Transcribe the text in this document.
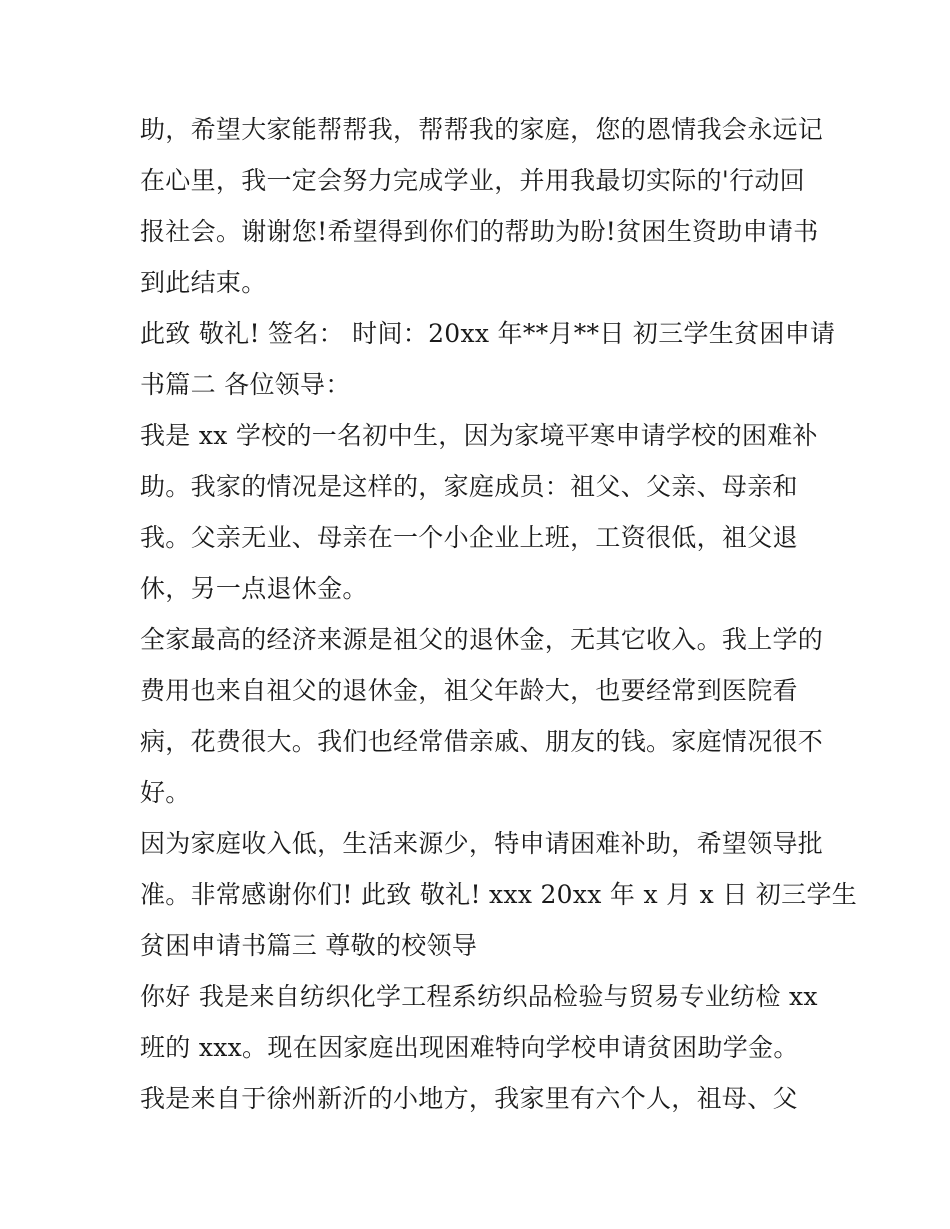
助，希望大家能帮帮我，帮帮我的家庭，您的恩情我会永远记
在心里，我一定会努力完成学业，并用我最切实际的'行动回
报社会。谢谢您!希望得到你们的帮助为盼!贫困生资助申请书
到此结束。
此致 敬礼! 签名： 时间：20xx 年**月**日 初三学生贫困申请
书篇二 各位领导：
我是 xx 学校的一名初中生，因为家境平寒申请学校的困难补
助。我家的情况是这样的，家庭成员：祖父、父亲、母亲和
我。父亲无业、母亲在一个小企业上班，工资很低，祖父退
休，另一点退休金。
全家最高的经济来源是祖父的退休金，无其它收入。我上学的
费用也来自祖父的退休金，祖父年龄大，也要经常到医院看
病，花费很大。我们也经常借亲戚、朋友的钱。家庭情况很不
好。
因为家庭收入低，生活来源少，特申请困难补助，希望领导批
准。非常感谢你们! 此致 敬礼! xxx 20xx 年 x 月 x 日 初三学生
贫困申请书篇三 尊敬的校领导
你好 我是来自纺织化学工程系纺织品检验与贸易专业纺检 xx
班的 xxx。现在因家庭出现困难特向学校申请贫困助学金。
我是来自于徐州新沂的小地方，我家里有六个人，祖母、父
